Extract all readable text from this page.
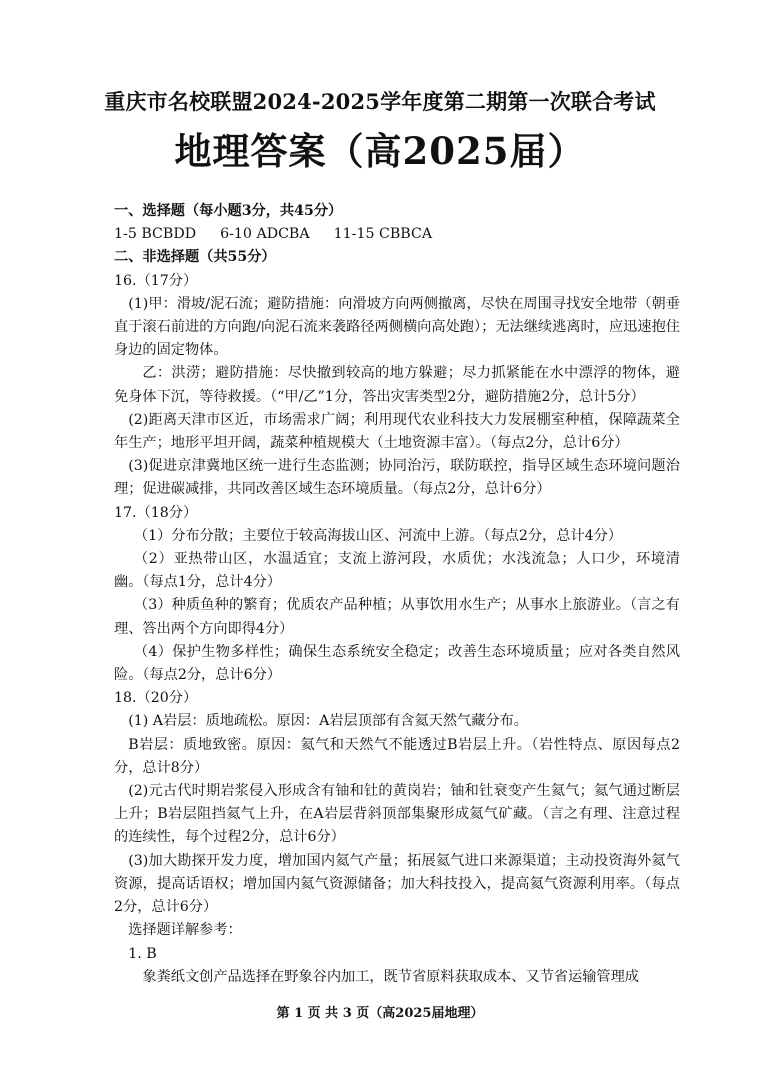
重庆市名校联盟2024-2025学年度第二期第一次联合考试
地理答案（高2025届）

一、选择题（每小题3分，共45分）

1-5 BCBDD 6-10 ADCBA 11-15 CBBCA

二、非选择题（共55分）

16.（17分）

(1)甲：滑坡/泥石流；避防措施：向滑坡方向两侧撤离，尽快在周围寻找安全地带（朝垂直于滚石前进的方向跑/向泥石流来袭路径两侧横向高处跑）；无法继续逃离时，应迅速抱住身边的固定物体。

乙：洪涝；避防措施：尽快撤到较高的地方躲避；尽力抓紧能在水中漂浮的物体，避免身体下沉，等待救援。（“甲/乙”1分，答出灾害类型2分，避防措施2分，总计5分）

(2)距离天津市区近，市场需求广阔；利用现代农业科技大力发展棚室种植，保障蔬菜全年生产；地形平坦开阔，蔬菜种植规模大（土地资源丰富）。（每点2分，总计6分）

(3)促进京津冀地区统一进行生态监测；协同治污，联防联控，指导区域生态环境问题治理；促进碳减排，共同改善区域生态环境质量。（每点2分，总计6分）

17.（18分）

（1）分布分散；主要位于较高海拔山区、河流中上游。（每点2分，总计4分）

（2）亚热带山区，水温适宜；支流上游河段，水质优；水浅流急；人口少，环境清幽。（每点1分，总计4分）

（3）种质鱼种的繁育；优质农产品种植；从事饮用水生产；从事水上旅游业。（言之有理、答出两个方向即得4分）

（4）保护生物多样性；确保生态系统安全稳定；改善生态环境质量；应对各类自然风险。（每点2分，总计6分）

18.（20分）

(1) A岩层：质地疏松。原因：A岩层顶部有含氦天然气藏分布。

B岩层：质地致密。原因：氦气和天然气不能透过B岩层上升。（岩性特点、原因每点2分，总计8分）

(2)元古代时期岩浆侵入形成含有铀和钍的黄岗岩；铀和钍衰变产生氦气；氦气通过断层上升；B岩层阻挡氦气上升，在A岩层背斜顶部集聚形成氦气矿藏。（言之有理、注意过程的连续性，每个过程2分，总计6分）

(3)加大勘探开发力度，增加国内氦气产量；拓展氦气进口来源渠道；主动投资海外氦气资源，提高话语权；增加国内氦气资源储备；加大科技投入，提高氦气资源利用率。（每点2分，总计6分）

选择题详解参考：

1. B

象粪纸文创产品选择在野象谷内加工，既节省原料获取成本、又节省运输管理成

第 1 页 共 3 页（高2025届地理）
